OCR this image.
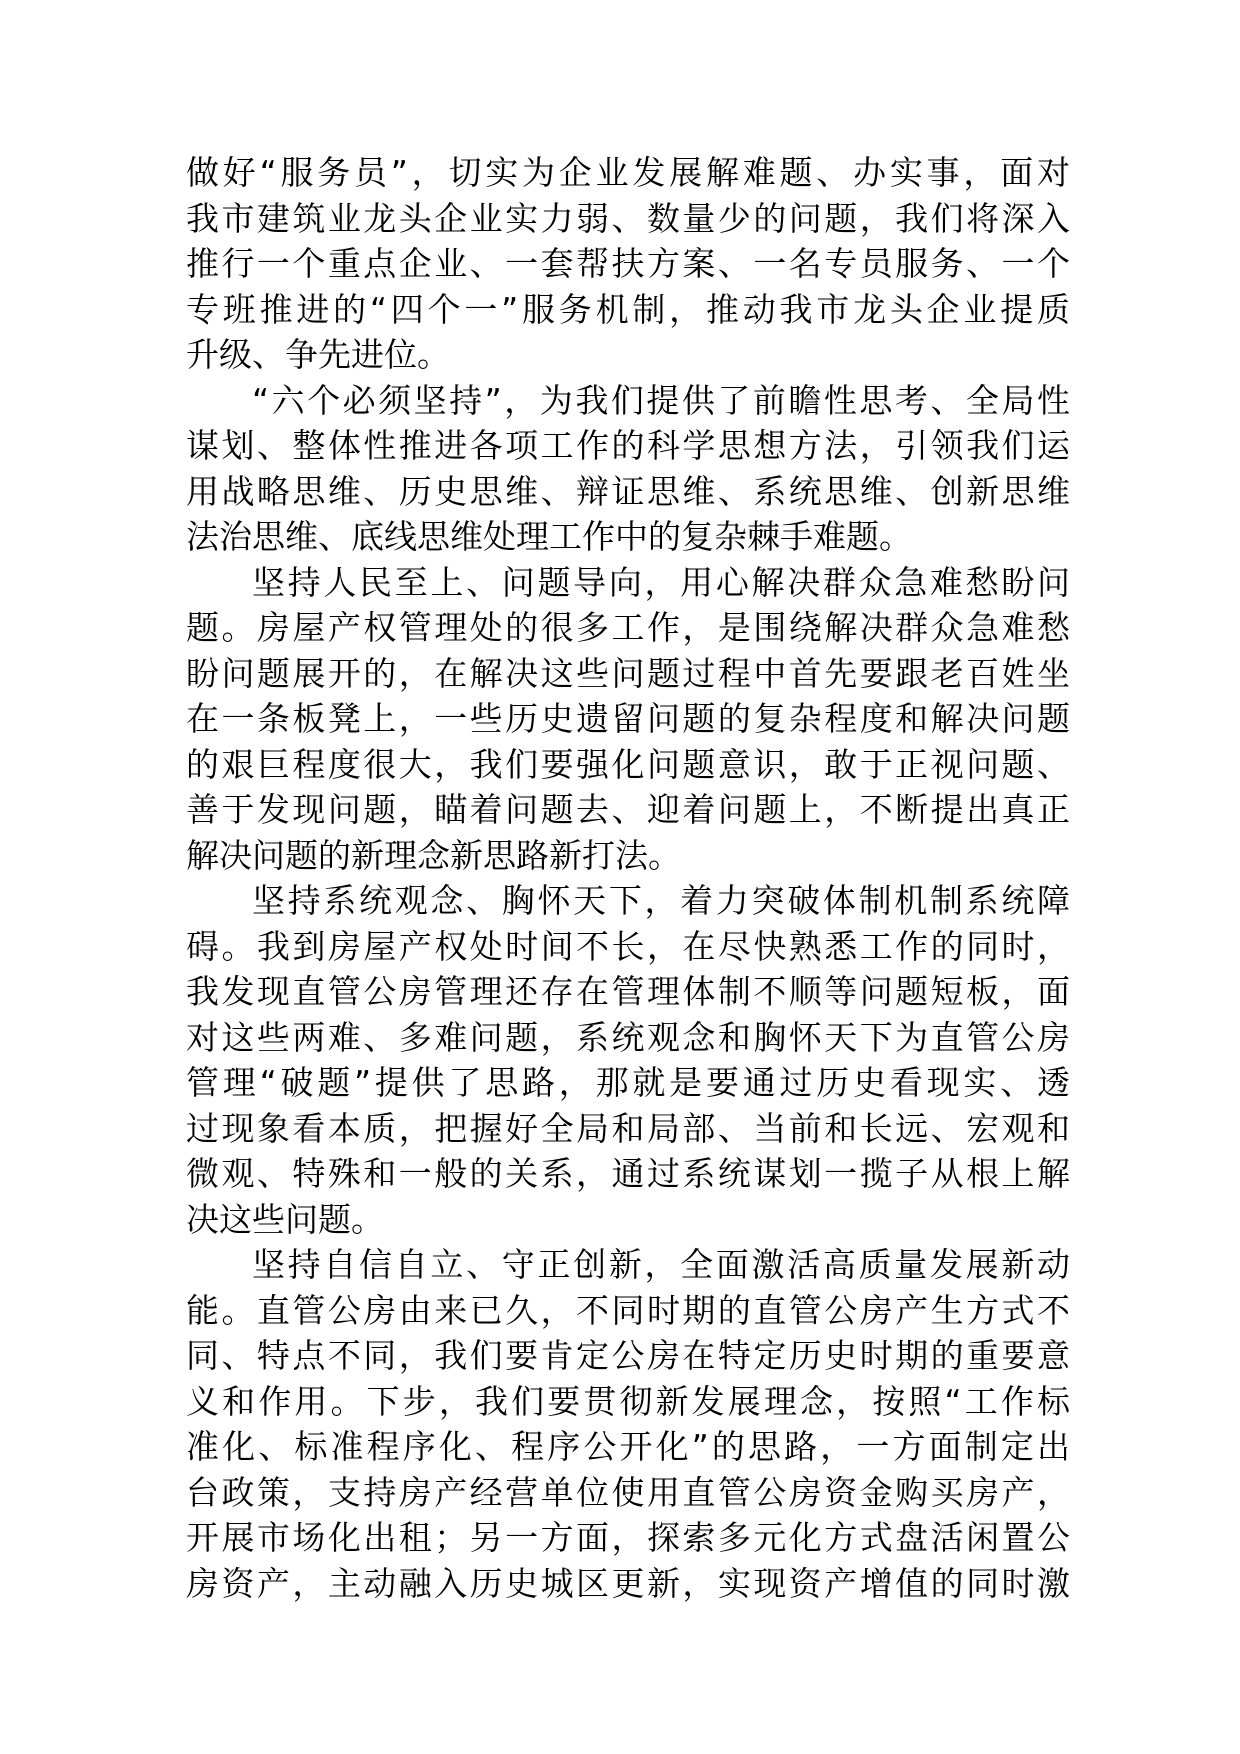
做好“服务员”，切实为企业发展解难题、办实事，面对
我市建筑业龙头企业实力弱、数量少的问题，我们将深入
推行一个重点企业、一套帮扶方案、一名专员服务、一个
专班推进的“四个一”服务机制，推动我市龙头企业提质
升级、争先进位。

“六个必须坚持”，为我们提供了前瞻性思考、全局性
谋划、整体性推进各项工作的科学思想方法，引领我们运
用战略思维、历史思维、辩证思维、系统思维、创新思维
法治思维、底线思维处理工作中的复杂棘手难题。

坚持人民至上、问题导向，用心解决群众急难愁盼问
题。房屋产权管理处的很多工作，是围绕解决群众急难愁
盼问题展开的，在解决这些问题过程中首先要跟老百姓坐
在一条板凳上，一些历史遗留问题的复杂程度和解决问题
的艰巨程度很大，我们要强化问题意识，敢于正视问题、
善于发现问题，瞄着问题去、迎着问题上，不断提出真正
解决问题的新理念新思路新打法。

坚持系统观念、胸怀天下，着力突破体制机制系统障
碍。我到房屋产权处时间不长，在尽快熟悉工作的同时，
我发现直管公房管理还存在管理体制不顺等问题短板，面
对这些两难、多难问题，系统观念和胸怀天下为直管公房
管理“破题”提供了思路，那就是要通过历史看现实、透
过现象看本质，把握好全局和局部、当前和长远、宏观和
微观、特殊和一般的关系，通过系统谋划一揽子从根上解
决这些问题。

坚持自信自立、守正创新，全面激活高质量发展新动
能。直管公房由来已久，不同时期的直管公房产生方式不
同、特点不同，我们要肯定公房在特定历史时期的重要意
义和作用。下步，我们要贯彻新发展理念，按照“工作标
准化、标准程序化、程序公开化”的思路，一方面制定出
台政策，支持房产经营单位使用直管公房资金购买房产，
开展市场化出租；另一方面，探索多元化方式盘活闲置公
房资产，主动融入历史城区更新，实现资产增值的同时激
